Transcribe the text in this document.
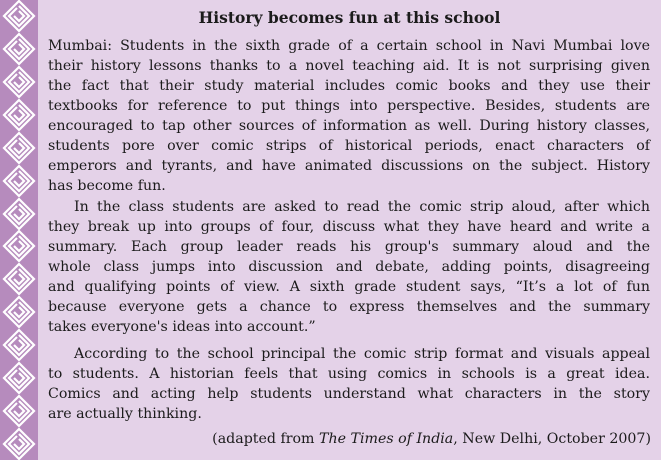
History becomes fun at this school
Mumbai: Students in the sixth grade of a certain school in Navi Mumbai love
their history lessons thanks to a novel teaching aid. It is not surprising given
the fact that their study material includes comic books and they use their
textbooks for reference to put things into perspective. Besides, students are
encouraged to tap other sources of information as well. During history classes,
students pore over comic strips of historical periods, enact characters of
emperors and tyrants, and have animated discussions on the subject. History
has become fun.
In the class students are asked to read the comic strip aloud, after which
they break up into groups of four, discuss what they have heard and write a
summary. Each group leader reads his group's summary aloud and the
whole class jumps into discussion and debate, adding points, disagreeing
and qualifying points of view. A sixth grade student says, “It’s a lot of fun
because everyone gets a chance to express themselves and the summary
takes everyone's ideas into account.”
According to the school principal the comic strip format and visuals appeal
to students. A historian feels that using comics in schools is a great idea.
Comics and acting help students understand what characters in the story
are actually thinking.
(adapted from The Times of India, New Delhi, October 2007)
